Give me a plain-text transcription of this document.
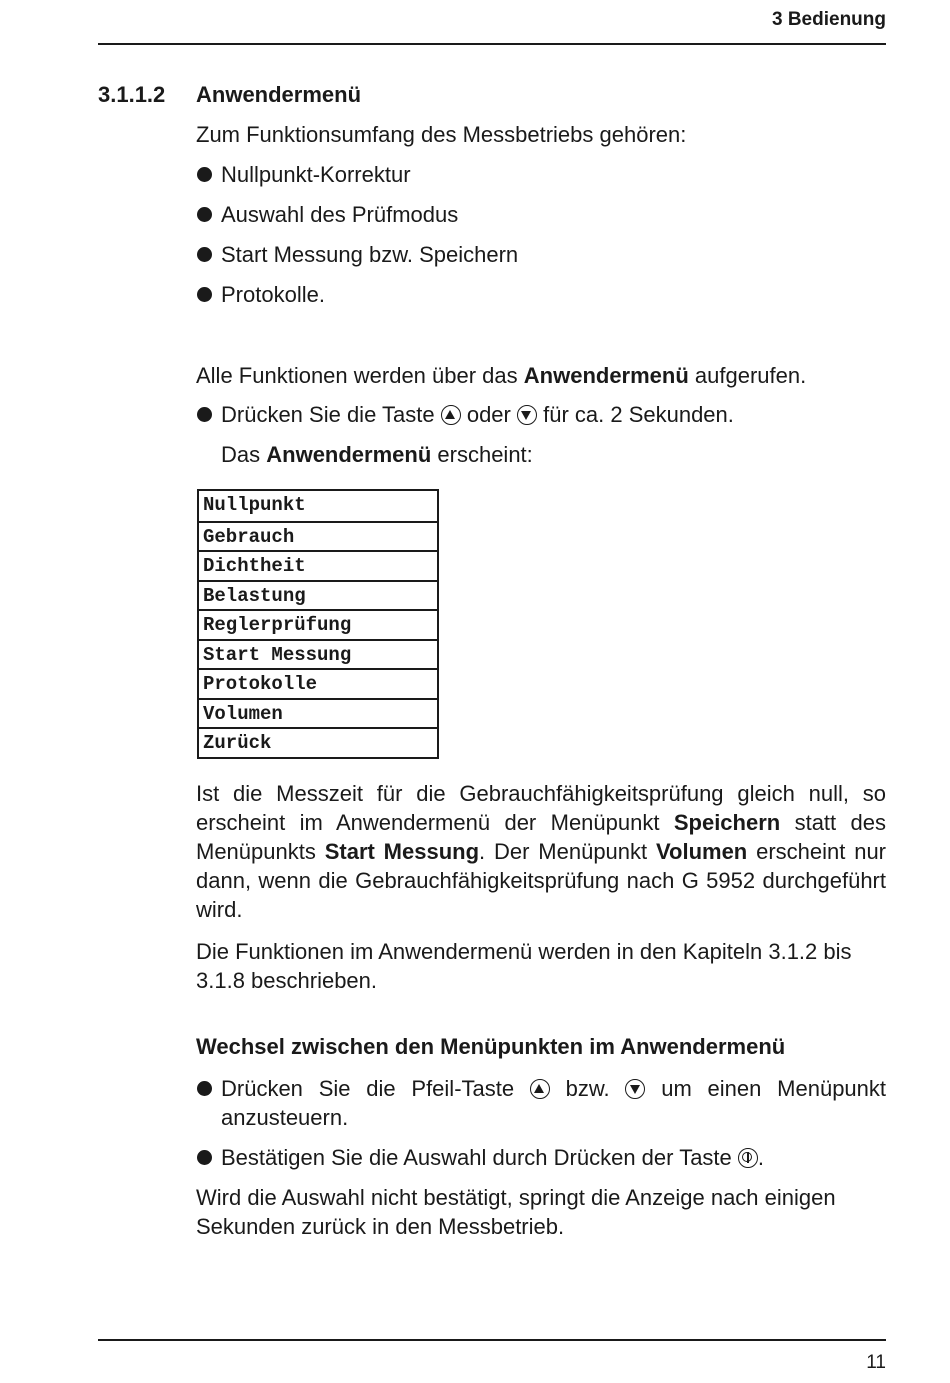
3 Bedienung
3.1.1.2 Anwendermenü

Zum Funktionsumfang des Messbetriebs gehören:

Nullpunkt-Korrektur
Auswahl des Prüfmodus
Start Messung bzw. Speichern
Protokolle.

Alle Funktionen werden über das Anwendermenü aufgerufen.

Drücken Sie die Taste  oder  für ca. 2 Sekunden.

Das Anwendermenü erscheint:

Nullpunkt
Gebrauch
Dichtheit
Belastung
Reglerprüfung
Start Messung
Protokolle
Volumen
Zurück

Ist die Messzeit für die Gebrauchfähigkeitsprüfung gleich null, so erscheint im Anwendermenü der Menüpunkt Speichern statt des Menüpunkts Start Messung. Der Menüpunkt Volumen erscheint nur dann, wenn die Gebrauchfähigkeitsprüfung nach G 5952 durchgeführt wird.

Die Funktionen im Anwendermenü werden in den Kapiteln 3.1.2 bis 3.1.8 beschrieben.

Wechsel zwischen den Menüpunkten im Anwendermenü
Drücken Sie die Pfeil-Taste  bzw.  um einen Menüpunkt anzusteuern.
Bestätigen Sie die Auswahl durch Drücken der Taste .

Wird die Auswahl nicht bestätigt, springt die Anzeige nach einigen Sekunden zurück in den Messbetrieb.

11
